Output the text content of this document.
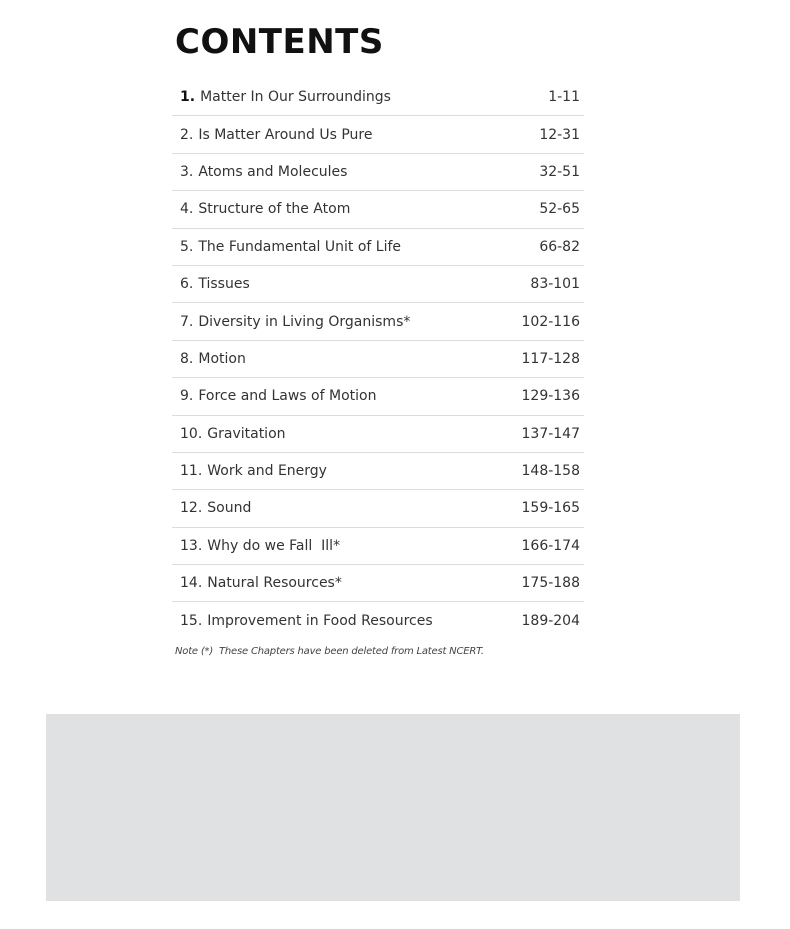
CONTENTS
1. Matter In Our Surroundings	1-11
2. Is Matter Around Us Pure	12-31
3. Atoms and Molecules	32-51
4. Structure of the Atom	52-65
5. The Fundamental Unit of Life	66-82
6. Tissues	83-101
7. Diversity in Living Organisms*	102-116
8. Motion	117-128
9. Force and Laws of Motion	129-136
10. Gravitation	137-147
11. Work and Energy	148-158
12. Sound	159-165
13. Why do we Fall  Ill*	166-174
14. Natural Resources*	175-188
15. Improvement in Food Resources	189-204

Note (*)  These Chapters have been deleted from Latest NCERT.
